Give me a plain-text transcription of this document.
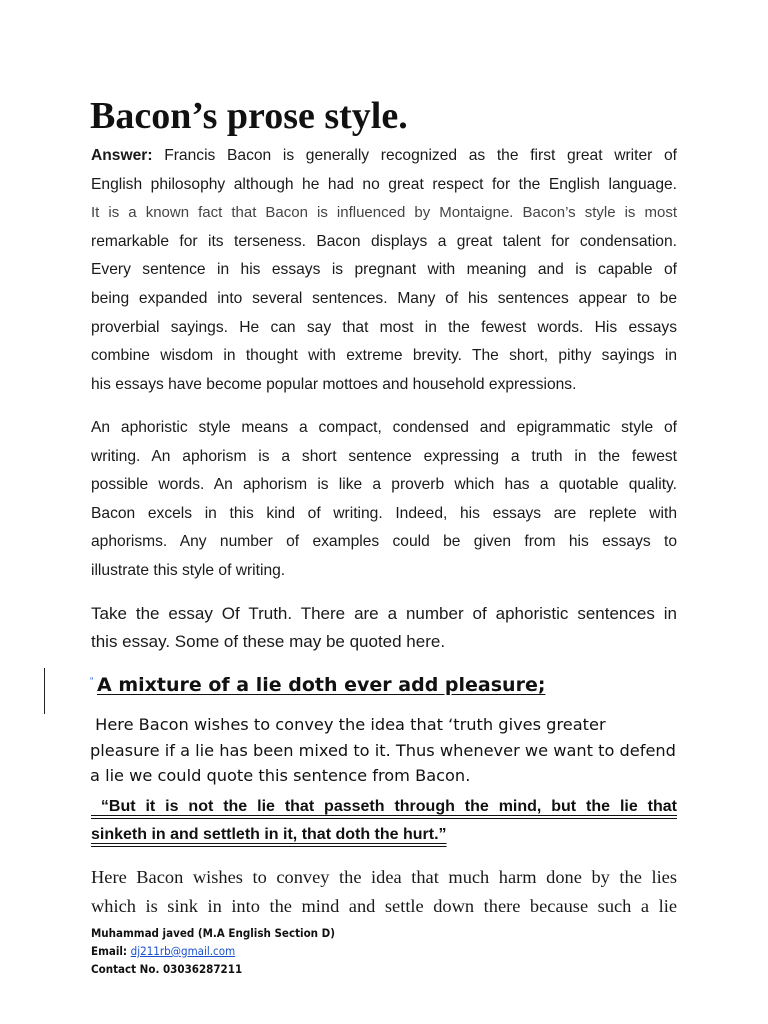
Bacon’s prose style.
Answer: Francis Bacon is generally recognized as the first great writer of
English philosophy although he had no great respect for the English language.
It is a known fact that Bacon is influenced by Montaigne. Bacon’s style is most
remarkable for its terseness. Bacon displays a great talent for condensation.
Every sentence in his essays is pregnant with meaning and is capable of
being expanded into several sentences. Many of his sentences appear to be
proverbial sayings. He can say that most in the fewest words. His essays
combine wisdom in thought with extreme brevity. The short, pithy sayings in
his essays have become popular mottoes and household expressions.
An aphoristic style means a compact, condensed and epigrammatic style of
writing. An aphorism is a short sentence expressing a truth in the fewest
possible words. An aphorism is like a proverb which has a quotable quality.
Bacon excels in this kind of writing. Indeed, his essays are replete with
aphorisms. Any number of examples could be given from his essays to
illustrate this style of writing.
Take the essay Of Truth. There are a number of aphoristic sentences in
this essay. Some of these may be quoted here.
“ A mixture of a lie doth ever add pleasure;
Here Bacon wishes to convey the idea that ‘truth gives greater
pleasure if a lie has been mixed to it. Thus whenever we want to defend
a lie we could quote this sentence from Bacon.
“But it is not the lie that passeth through the mind, but the lie that
sinketh in and settleth in it, that doth the hurt.”
Here Bacon wishes to convey the idea that much harm done by the lies
which is sink in into the mind and settle down there because such a lie
Muhammad javed (M.A English Section D)
Email: dj211rb@gmail.com
Contact No. 03036287211
